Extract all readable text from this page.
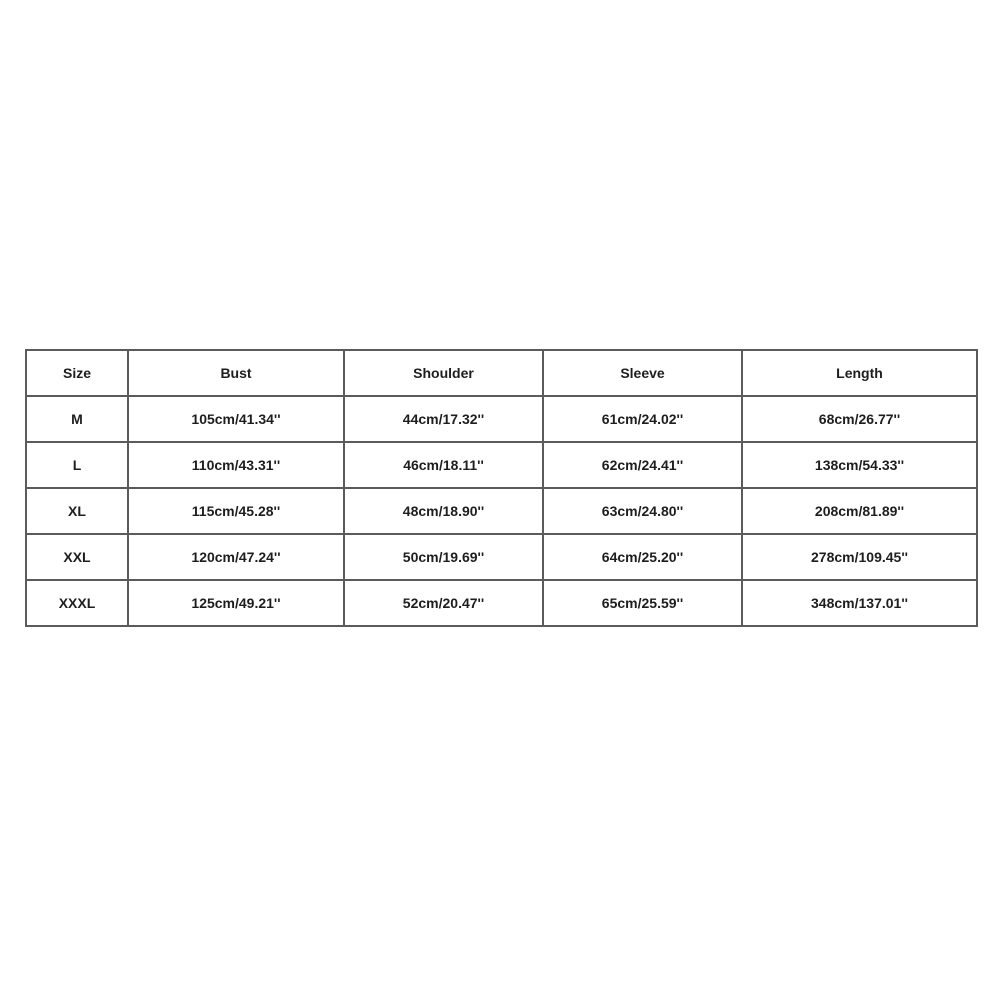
Size	Bust	Shoulder	Sleeve	Length
M	105cm/41.34''	44cm/17.32''	61cm/24.02''	68cm/26.77''
L	110cm/43.31''	46cm/18.11''	62cm/24.41''	138cm/54.33''
XL	115cm/45.28''	48cm/18.90''	63cm/24.80''	208cm/81.89''
XXL	120cm/47.24''	50cm/19.69''	64cm/25.20''	278cm/109.45''
XXXL	125cm/49.21''	52cm/20.47''	65cm/25.59''	348cm/137.01''
